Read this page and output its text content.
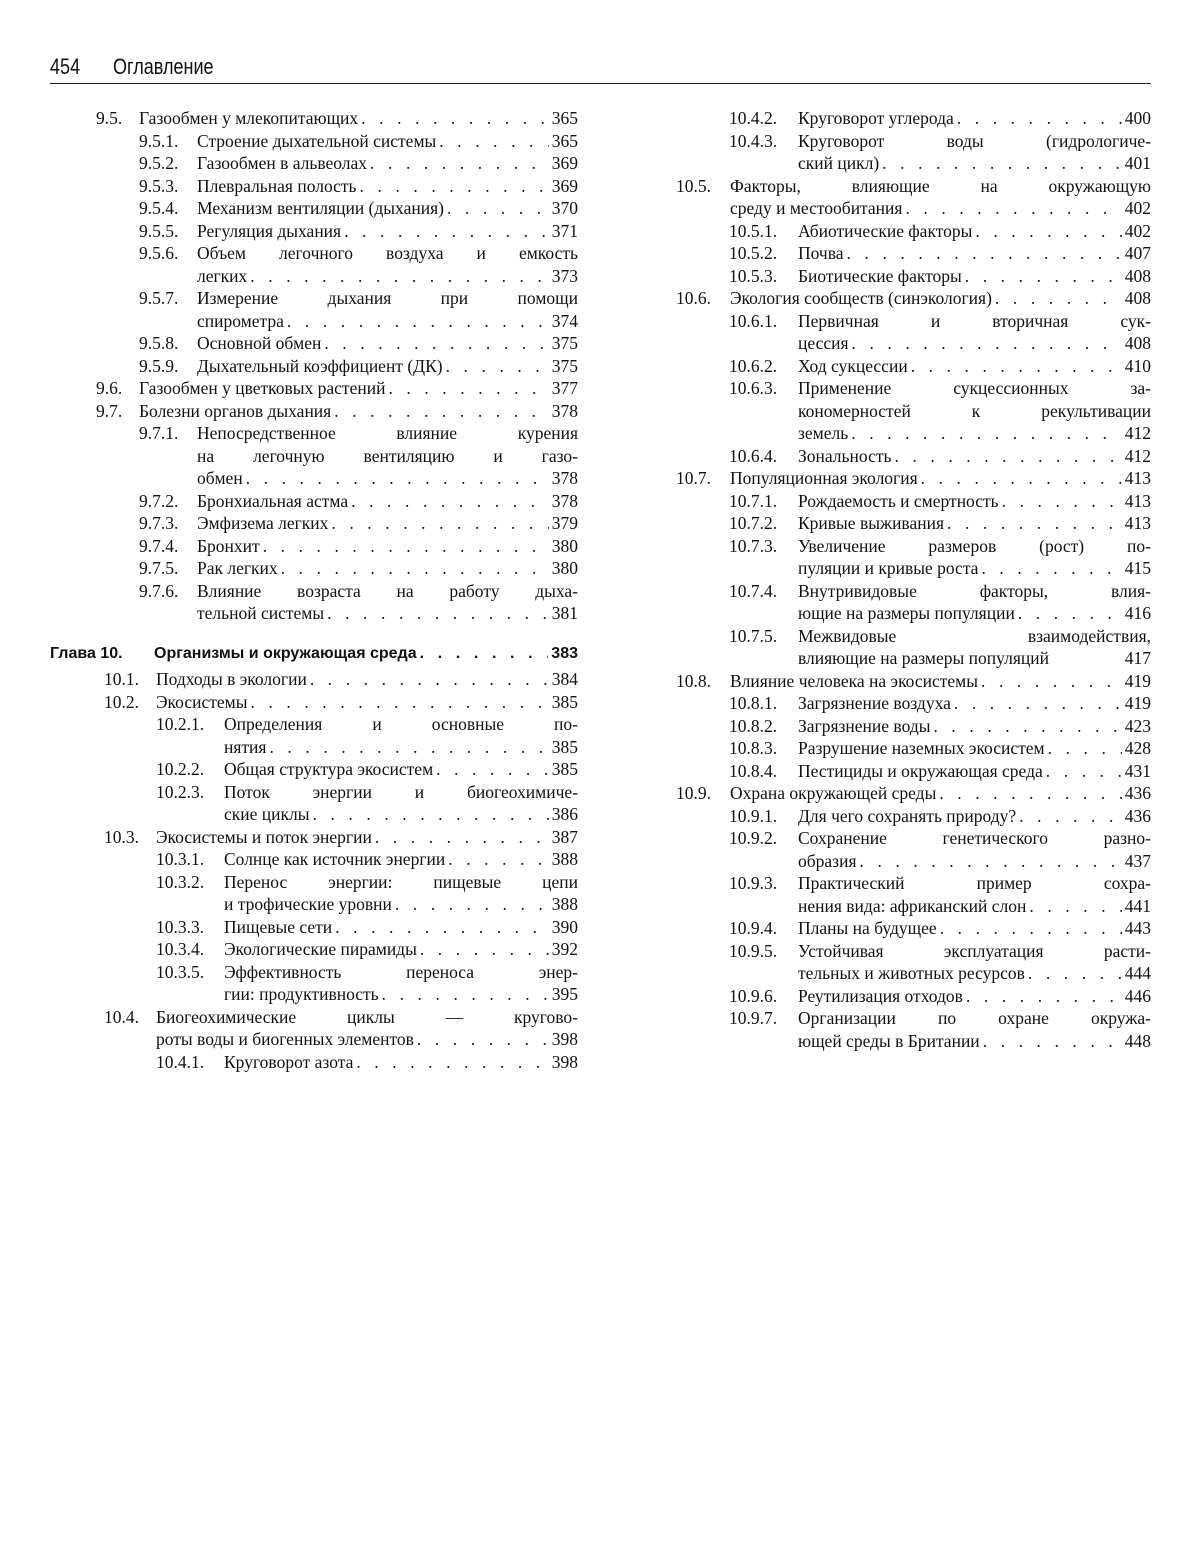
454 Оглавление
9.5. Газообмен у млекопитающих . . .	365
9.5.1. Строение дыхательной системы . . .	365
9.5.2. Газообмен в альвеолах . . .	369
9.5.3. Плевральная полость . . .	369
9.5.4. Механизм вентиляции (дыхания) . . .	370
9.5.5. Регуляция дыхания . . .	371
9.5.6. Объем легочного воздуха и емкость
легких . . .	373
9.5.7. Измерение дыхания при помощи
спирометра . . .	374
9.5.8. Основной обмен . . .	375
9.5.9. Дыхательный коэффициент (ДК) . . .	375
9.6. Газообмен у цветковых растений . . .	377
9.7. Болезни органов дыхания . . .	378
9.7.1. Непосредственное влияние курения
на легочную вентиляцию и газо-
обмен . . .	378
9.7.2. Бронхиальная астма . . .	378
9.7.3. Эмфизема легких . . .	379
9.7.4. Бронхит . . .	380
9.7.5. Рак легких . . .	380
9.7.6. Влияние возраста на работу дыха-
тельной системы . . .	381
Глава 10. Организмы и окружающая среда . . .	383
10.1. Подходы в экологии . . .	384
10.2. Экосистемы . . .	385
10.2.1. Определения и основные по-
нятия . . .	385
10.2.2. Общая структура экосистем . . .	385
10.2.3. Поток энергии и биогеохимиче-
ские циклы . . .	386
10.3. Экосистемы и поток энергии . . .	387
10.3.1. Солнце как источник энергии . . .	388
10.3.2. Перенос энергии: пищевые цепи
и трофические уровни . . .	388
10.3.3. Пищевые сети . . .	390
10.3.4. Экологические пирамиды . . .	392
10.3.5. Эффективность переноса энер-
гии: продуктивность . . .	395
10.4. Биогеохимические циклы — кругово-
роты воды и биогенных элементов . . .	398
10.4.1. Круговорот азота . . .	398
10.4.2. Круговорот углерода . . .	400
10.4.3. Круговорот воды (гидрологиче-
ский цикл) . . .	401
10.5. Факторы, влияющие на окружающую
среду и местообитания . . .	402
10.5.1. Абиотические факторы . . .	402
10.5.2. Почва . . .	407
10.5.3. Биотические факторы . . .	408
10.6. Экология сообществ (синэкология) . . .	408
10.6.1. Первичная и вторичная сук-
цессия . . .	408
10.6.2. Ход сукцессии . . .	410
10.6.3. Применение сукцессионных за-
кономерностей к рекультивации
земель . . .	412
10.6.4. Зональность . . .	412
10.7. Популяционная экология . . .	413
10.7.1. Рождаемость и смертность . . .	413
10.7.2. Кривые выживания . . .	413
10.7.3. Увеличение размеров (рост) по-
пуляции и кривые роста . . .	415
10.7.4. Внутривидовые факторы, влия-
ющие на размеры популяции . . .	416
10.7.5. Межвидовые взаимодействия,
влияющие на размеры популяций	417
10.8. Влияние человека на экосистемы . . .	419
10.8.1. Загрязнение воздуха . . .	419
10.8.2. Загрязнение воды . . .	423
10.8.3. Разрушение наземных экосистем . . .	428
10.8.4. Пестициды и окружающая среда . . .	431
10.9. Охрана окружающей среды . . .	436
10.9.1. Для чего сохранять природу? . . .	436
10.9.2. Сохранение генетического разно-
образия . . .	437
10.9.3. Практический пример сохра-
нения вида: африканский слон . . .	441
10.9.4. Планы на будущее . . .	443
10.9.5. Устойчивая эксплуатация расти-
тельных и животных ресурсов . . .	444
10.9.6. Реутилизация отходов . . .	446
10.9.7. Организации по охране окружа-
ющей среды в Британии . . .	448
